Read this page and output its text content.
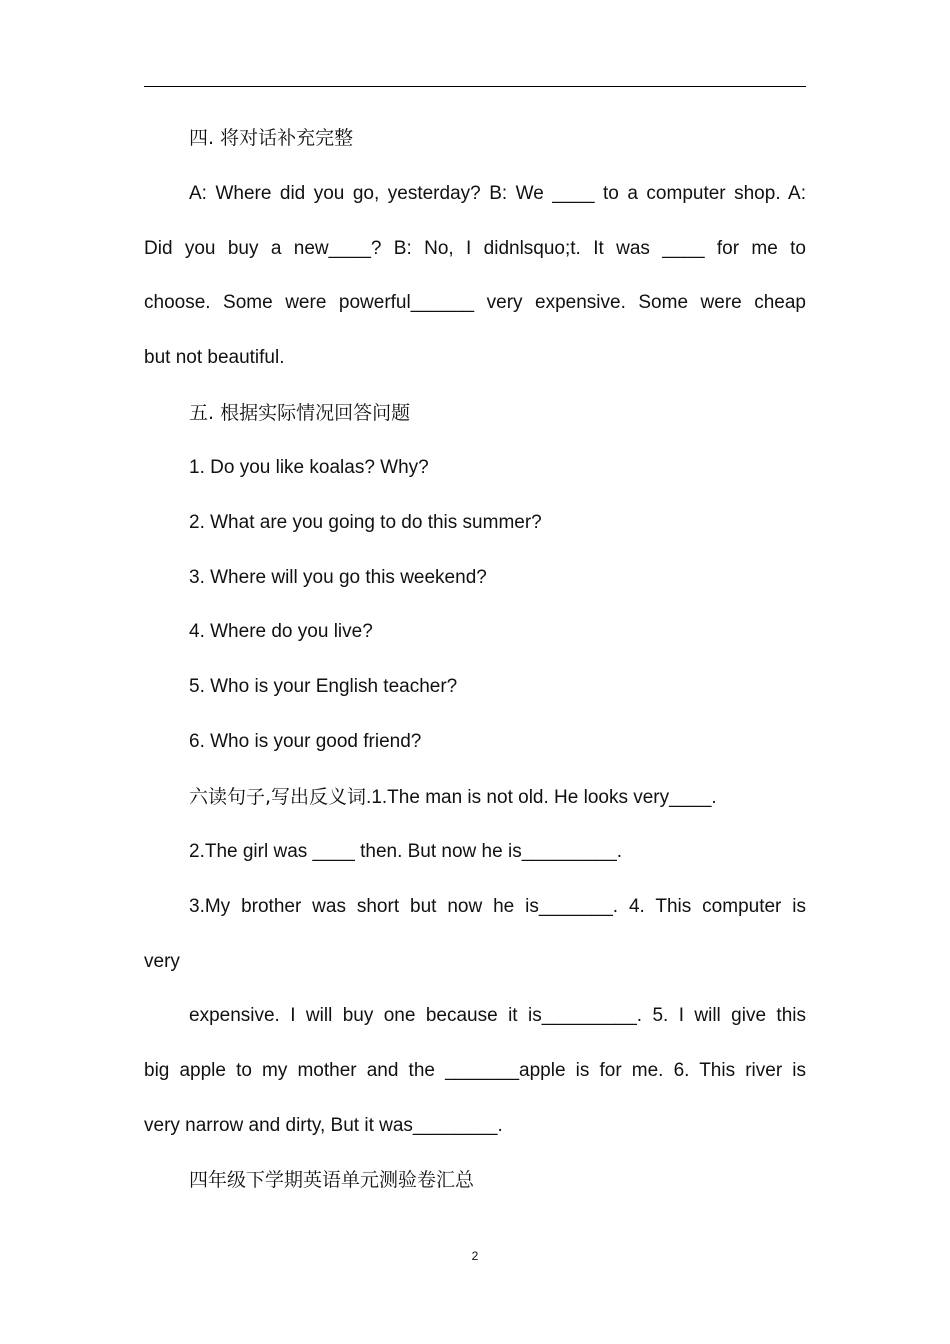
四. 将对话补充完整
A: Where did you go, yesterday? B: We ____ to a computer shop. A:
Did you buy a new____? B: No, I didnlsquo;t. It was ____ for me to
choose. Some were powerful______ very expensive. Some were cheap
but not beautiful.
五. 根据实际情况回答问题
1. Do you like koalas? Why?
2. What are you going to do this summer?
3. Where will you go this weekend?
4. Where do you live?
5. Who is your English teacher?
6. Who is your good friend?
六读句子,写出反义词.1.The man is not old. He looks very____.
2.The girl was ____ then. But now he is_________.
3.My brother was short but now he is_______. 4. This computer is
very
expensive. I will buy one because it is_________. 5. I will give this
big apple to my mother and the _______apple is for me. 6. This river is
very narrow and dirty, But it was________.
四年级下学期英语单元测验卷汇总
2
